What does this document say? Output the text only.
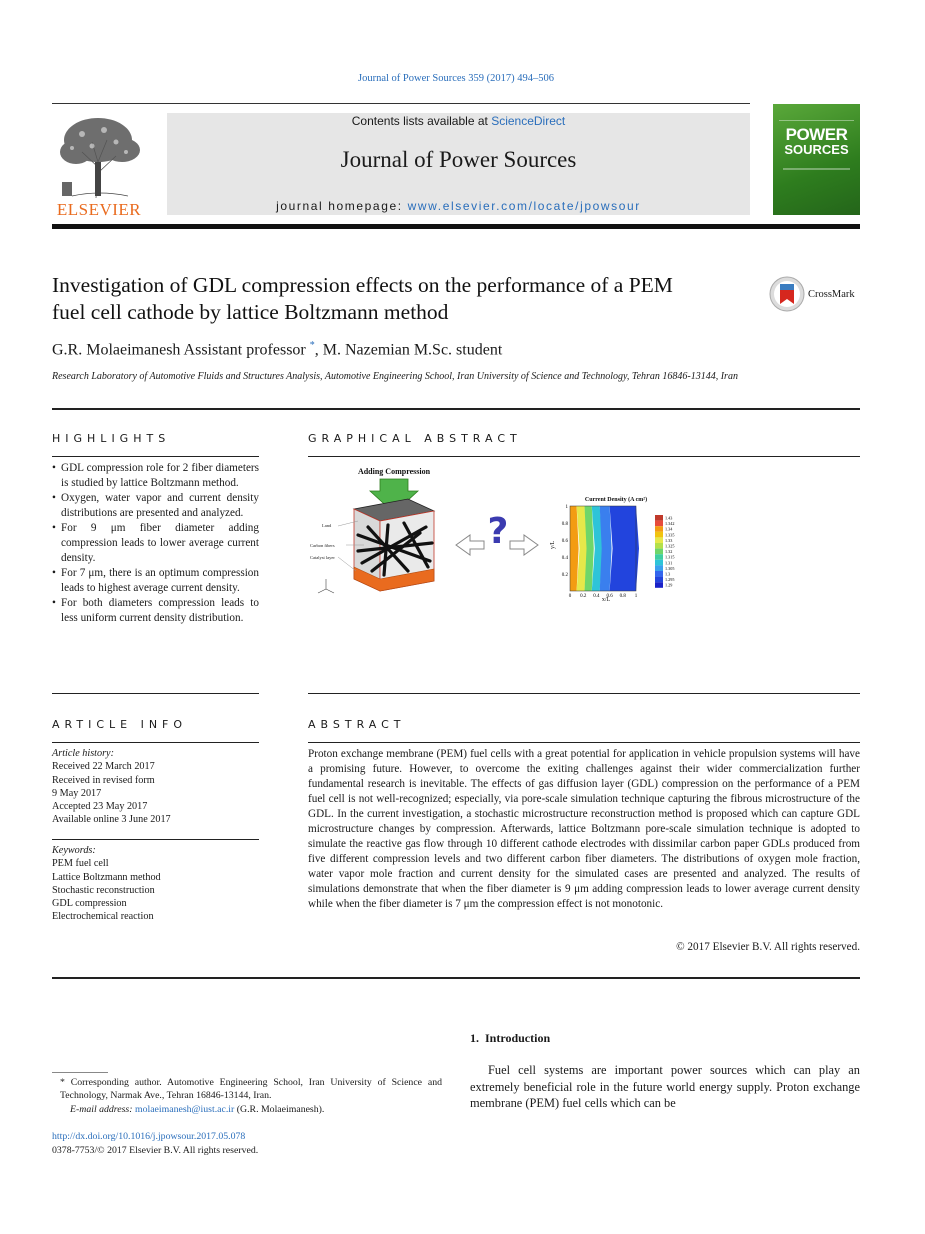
Journal of Power Sources 359 (2017) 494–506
ELSEVIER
Contents lists available at ScienceDirect
Journal of Power Sources
journal homepage: www.elsevier.com/locate/jpowsour
POWER
SOURCES
Investigation of GDL compression effects on the performance of a PEM
fuel cell cathode by lattice Boltzmann method
CrossMark
G.R. Molaeimanesh Assistant professor *, M. Nazemian M.Sc. student
Research Laboratory of Automotive Fluids and Structures Analysis, Automotive Engineering School, Iran University of Science and Technology, Tehran 16846-13144, Iran
HIGHLIGHTS
• GDL compression role for 2 fiber diameters is studied by lattice Boltzmann method.
• Oxygen, water vapor and current density distributions are presented and analyzed.
• For 9 μm fiber diameter adding compression leads to lower average current density.
• For 7 μm, there is an optimum compression leads to highest average current density.
• For both diameters compression leads to less uniform current density distribution.
GRAPHICAL ABSTRACT
Adding Compression
Land
Carbon fibers
Catalyst layer
?
Current Density (A cm²)
y/L
x/L
0 0.2 0.4 0.6 0.8 1
0.2
0.4
0.6
0.8
1
1.43
1.342
1.34
1.335
1.33
1.325
1.32
1.315
1.31
1.305
1.3
1.295
1.29
ARTICLE INFO
Article history:
Received 22 March 2017
Received in revised form
9 May 2017
Accepted 23 May 2017
Available online 3 June 2017
Keywords:
PEM fuel cell
Lattice Boltzmann method
Stochastic reconstruction
GDL compression
Electrochemical reaction
ABSTRACT
Proton exchange membrane (PEM) fuel cells with a great potential for application in vehicle propulsion systems will have a promising future. However, to overcome the exiting challenges against their wider commercialization further fundamental research is inevitable. The effects of gas diffusion layer (GDL) compression on the performance of a PEM fuel cell is not well-recognized; especially, via pore-scale simulation technique capturing the fibrous microstructure of the GDL. In the current investigation, a stochastic microstructure reconstruction method is proposed which can capture GDL microstructure changes by compression. Afterwards, lattice Boltzmann pore-scale simulation technique is adopted to simulate the reactive gas flow through 10 different cathode electrodes with dissimilar carbon paper GDLs produced from five different compression levels and two different carbon fiber diameters. The distributions of oxygen mole fraction, water vapor mole fraction and current density for the simulated cases are presented and analyzed. The results of simulations demonstrate that when the fiber diameter is 9 μm adding compression leads to lower average current density while when the fiber diameter is 7 μm the compression effect is not monotonic.
© 2017 Elsevier B.V. All rights reserved.
* Corresponding author. Automotive Engineering School, Iran University of Science and Technology, Narmak Ave., Tehran 16846-13144, Iran.
E-mail address: molaeimanesh@iust.ac.ir (G.R. Molaeimanesh).
http://dx.doi.org/10.1016/j.jpowsour.2017.05.078
0378-7753/© 2017 Elsevier B.V. All rights reserved.
1.  Introduction
Fuel cell systems are important power sources which can play an extremely beneficial role in the future world energy supply. Proton exchange membrane (PEM) fuel cells which can be
